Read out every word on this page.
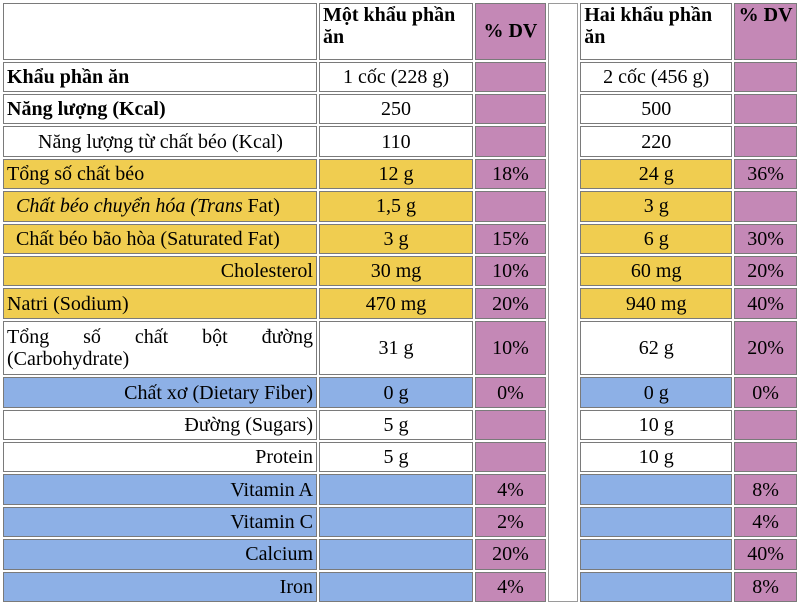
	Một khẩu phần ăn	% DV		Hai khẩu phần ăn	% DV
Khẩu phần ăn	1 cốc (228 g)			2 cốc (456 g)	
Năng lượng (Kcal)	250			500	
Năng lượng từ chất béo (Kcal)	110			220	
Tổng số chất béo	12 g	18%		24 g	36%
Chất béo chuyển hóa (Trans Fat)	1,5 g			3 g	
Chất béo bão hòa (Saturated Fat)	3 g	15%		6 g	30%
Cholesterol	30 mg	10%		60 mg	20%
Natri (Sodium)	470 mg	20%		940 mg	40%
Tổng số chất bột đường (Carbohydrate)	31 g	10%		62 g	20%
Chất xơ (Dietary Fiber)	0 g	0%		0 g	0%
Đường (Sugars)	5 g			10 g	
Protein	5 g			10 g	
Vitamin A		4%			8%
Vitamin C		2%			4%
Calcium		20%			40%
Iron		4%			8%
